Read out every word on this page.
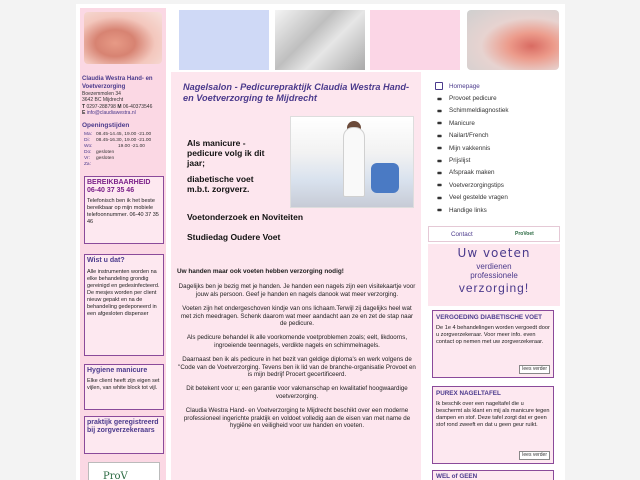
Claudia Westra Hand- en
Voetverzorging
Boezemmolen 34
3642 BC Mijdrecht
T 0297-288798 M 06-40373546
E info@claudiawestra.nl
Openingstijden
Ma: 08.45-14.45, 19.00 -21.00
Di:	08.45-16.30, 19.00 -21.00
Wo:	19.00 -21.00
Do: gesloten
Vr:	gesloten
Za:
BEREIKBAARHEID
06-40 37 35 46

Telefonisch ben ik het beste bereikbaar op mijn mobiele telefoonnummer. 06-40 37 35 46

Wist u dat?

Alle instrumenten worden na elke behandeling grondig gereinigd en gedesinfecteerd. De mesjes worden per client nieuw gepakt en na de behandeling gedeponeerd in een afgesloten dispenser

Hygiene manicure

Elke client heeft zijn eigen set vijlen, van white block tot vijl.

praktijk geregistreerd bij zorgverzekeraars
ProV
Nagelsalon - Pedicurepraktijk Claudia Westra Hand- en Voetverzorging te Mijdrecht
Als manicure -
pedicure volg ik dit
jaar;
diabetische voet
m.b.t. zorgverz.
Voetonderzoek en Noviteiten
Studiedag Oudere Voet
Uw handen maar ook voeten hebben verzorging nodig!

Dagelijks ben je bezig met je handen. Je handen een nagels zijn een visitekaartje voor jouw als persoon. Geef je handen en nagels danook wat meer verzorging.

Voeten zijn het ondergeschoven kindje van ons lichaam.Terwijl zij dagelijks heel wat met zich meedragen. Schenk daarom wat meer aandacht aan ze en zet de stap naar de pedicure.

Als pedicure behandel ik alle voorkomende voetproblemen zoals; eelt, likdoorns, ingroeiende teennagels, verdikte nagels en schimmelnagels.

Daarnaast ben ik als pedicure in het bezit van geldige diploma's en werk volgens de "Code van de Voetverzorging. Tevens ben ik lid van de branche-organisatie Provoet en is mijn bedrijf Procert gecertificeerd.

Dit betekent voor u; een garantie voor vakmanschap en kwalitatief hoogwaardige voetverzorging.

Claudia Westra Hand- en Voetverzorging te Mijdrecht beschikt over een moderne professioneel ingerichte praktijk en voldoet volledig aan de eisen van met name de hygiëne en veiligheid voor uw handen en voeten.

Homepage
Provoet pedicure
Schimmeldiagnostiek
Manicure
Nailart/French
Mijn vakkennis
Prijslijst
Afspraak maken
Voetverzorgingstips
Veel gestelde vragen
Handige links
Contact	ProVoet
Uw voeten
verdienen
professionele
verzorging!
VERGOEDING DIABETISCHE VOET

De 1e 4 behandelingen worden vergoedt door u zorgverzekeraar. Voor meer info. even contact op nemen met uw zorgverzekeraar.

lees verder
PUREX NAGELTAFEL

Ik beschik over een nageltafel die u beschermt als klant en mij als manicure tegen dampen en stof. Deze tafel zorgt dat er geen stof rond zweeft en dat u geen geur ruikt.

lees verder
WEL of GEEN
